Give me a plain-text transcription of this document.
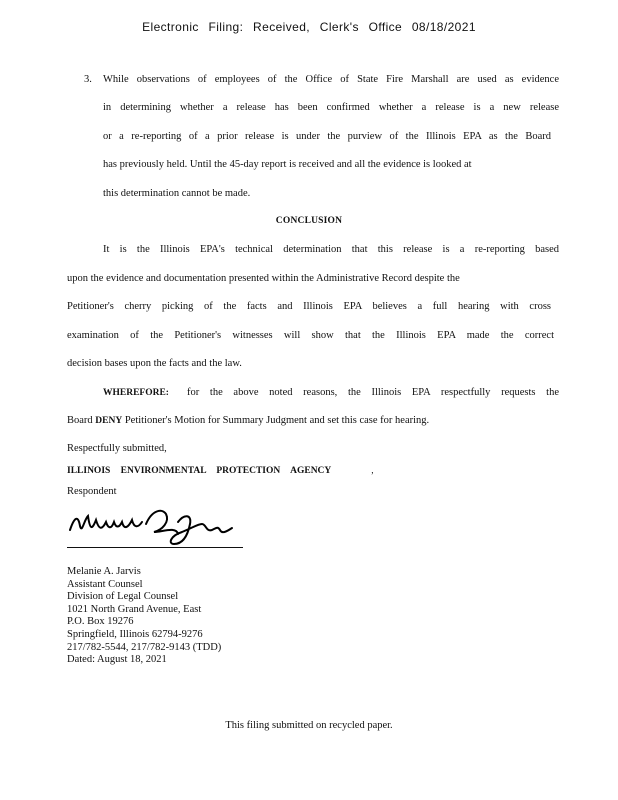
Electronic Filing: Received, Clerk's Office 08/18/2021
3. While observations of employees of the Office of State Fire Marshall are used as evidence
in determining whether a release has been confirmed whether a release is a new release
or a re-reporting of a prior release is under the purview of the Illinois EPA as the Board
has previously held. Until the 45-day report is received and all the evidence is looked at
this determination cannot be made.
CONCLUSION
It is the Illinois EPA's technical determination that this release is a re-reporting based
upon the evidence and documentation presented within the Administrative Record despite the
Petitioner's cherry picking of the facts and Illinois EPA believes a full hearing with cross
examination of the Petitioner's witnesses will show that the Illinois EPA made the correct
decision bases upon the facts and the law.
WHEREFORE: for the above noted reasons, the Illinois EPA respectfully requests the
Board DENY Petitioner's Motion for Summary Judgment and set this case for hearing.
Respectfully submitted,
ILLINOIS ENVIRONMENTAL PROTECTION AGENCY	,
Respondent
Melanie A. Jarvis
Assistant Counsel
Division of Legal Counsel
1021 North Grand Avenue, East
P.O. Box 19276
Springfield, Illinois 62794-9276
217/782-5544, 217/782-9143 (TDD)
Dated: August 18, 2021
This filing submitted on recycled paper.
